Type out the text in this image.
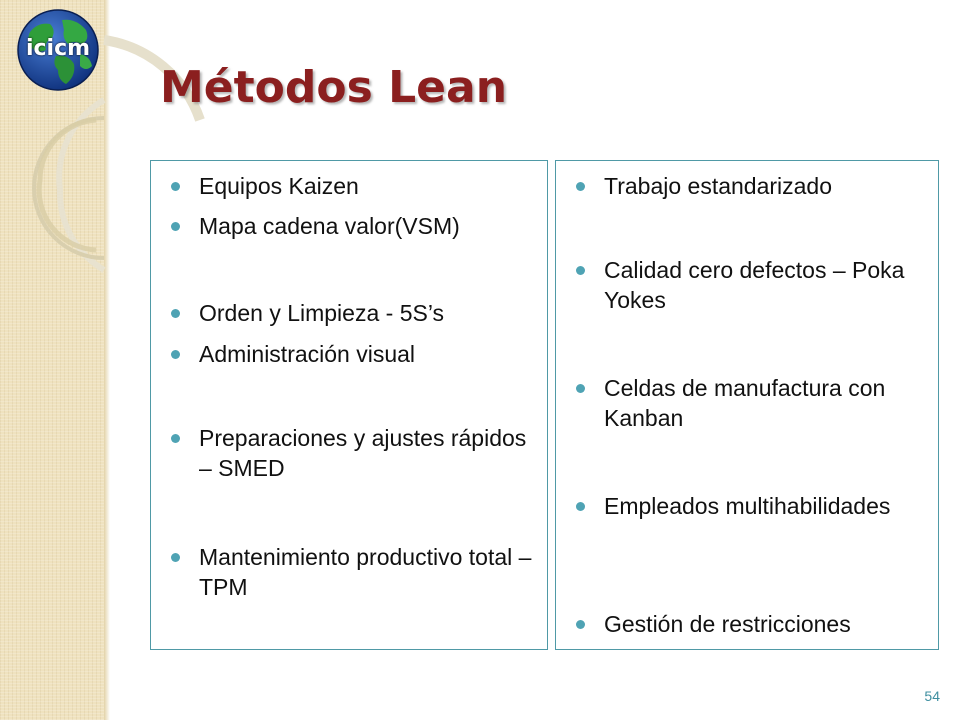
icicm
Métodos Lean
Equipos Kaizen
Mapa cadena valor(VSM)
Orden y Limpieza - 5S’s
Administración visual
Preparaciones y ajustes rápidos – SMED
Mantenimiento productivo total – TPM
Trabajo estandarizado
Calidad cero defectos – Poka Yokes
Celdas de manufactura con Kanban
Empleados multihabilidades
Gestión de restricciones
54
